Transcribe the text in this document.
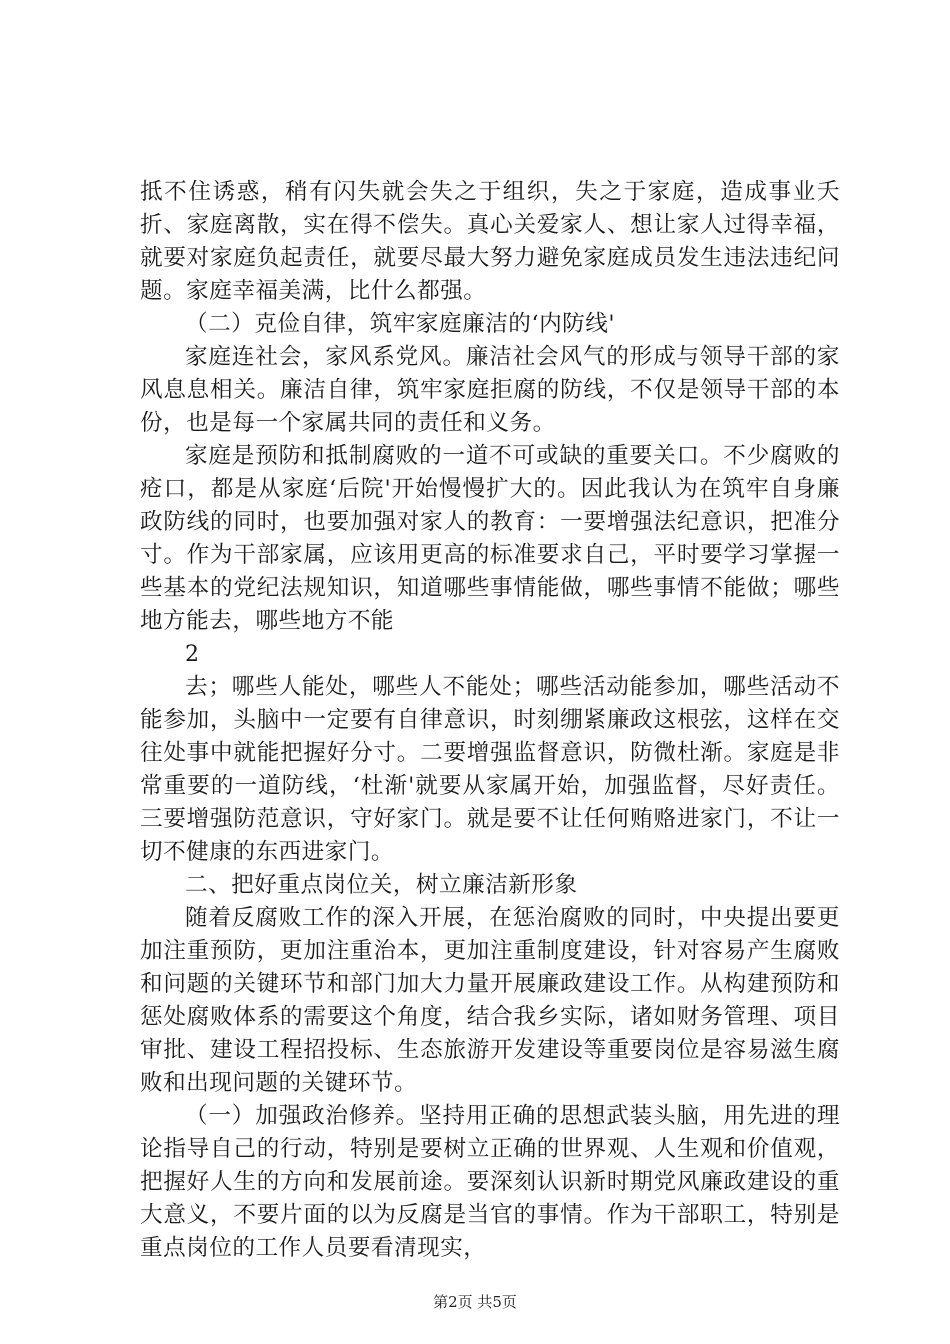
抵不住诱惑，稍有闪失就会失之于组织，失之于家庭，造成事业夭折、家庭离散，实在得不偿失。真心关爱家人、想让家人过得幸福，就要对家庭负起责任，就要尽最大努力避免家庭成员发生违法违纪问题。家庭幸福美满，比什么都强。

（二）克俭自律，筑牢家庭廉洁的‘内防线'

家庭连社会，家风系党风。廉洁社会风气的形成与领导干部的家风息息相关。廉洁自律，筑牢家庭拒腐的防线，不仅是领导干部的本份，也是每一个家属共同的责任和义务。

家庭是预防和抵制腐败的一道不可或缺的重要关口。不少腐败的疮口，都是从家庭‘后院'开始慢慢扩大的。因此我认为在筑牢自身廉政防线的同时，也要加强对家人的教育：一要增强法纪意识，把准分寸。作为干部家属，应该用更高的标准要求自己，平时要学习掌握一些基本的党纪法规知识，知道哪些事情能做，哪些事情不能做；哪些地方能去，哪些地方不能

2

去；哪些人能处，哪些人不能处；哪些活动能参加，哪些活动不能参加，头脑中一定要有自律意识，时刻绷紧廉政这根弦，这样在交往处事中就能把握好分寸。二要增强监督意识，防微杜渐。家庭是非常重要的一道防线，‘杜渐'就要从家属开始，加强监督，尽好责任。三要增强防范意识，守好家门。就是要不让任何贿赂进家门，不让一切不健康的东西进家门。

二、把好重点岗位关，树立廉洁新形象

随着反腐败工作的深入开展，在惩治腐败的同时，中央提出要更加注重预防，更加注重治本，更加注重制度建设，针对容易产生腐败和问题的关键环节和部门加大力量开展廉政建设工作。从构建预防和惩处腐败体系的需要这个角度，结合我乡实际，诸如财务管理、项目审批、建设工程招投标、生态旅游开发建设等重要岗位是容易滋生腐败和出现问题的关键环节。

（一）加强政治修养。坚持用正确的思想武装头脑，用先进的理论指导自己的行动，特别是要树立正确的世界观、人生观和价值观，把握好人生的方向和发展前途。要深刻认识新时期党风廉政建设的重大意义，不要片面的以为反腐是当官的事情。作为干部职工，特别是重点岗位的工作人员要看清现实，

第2页 共5页
